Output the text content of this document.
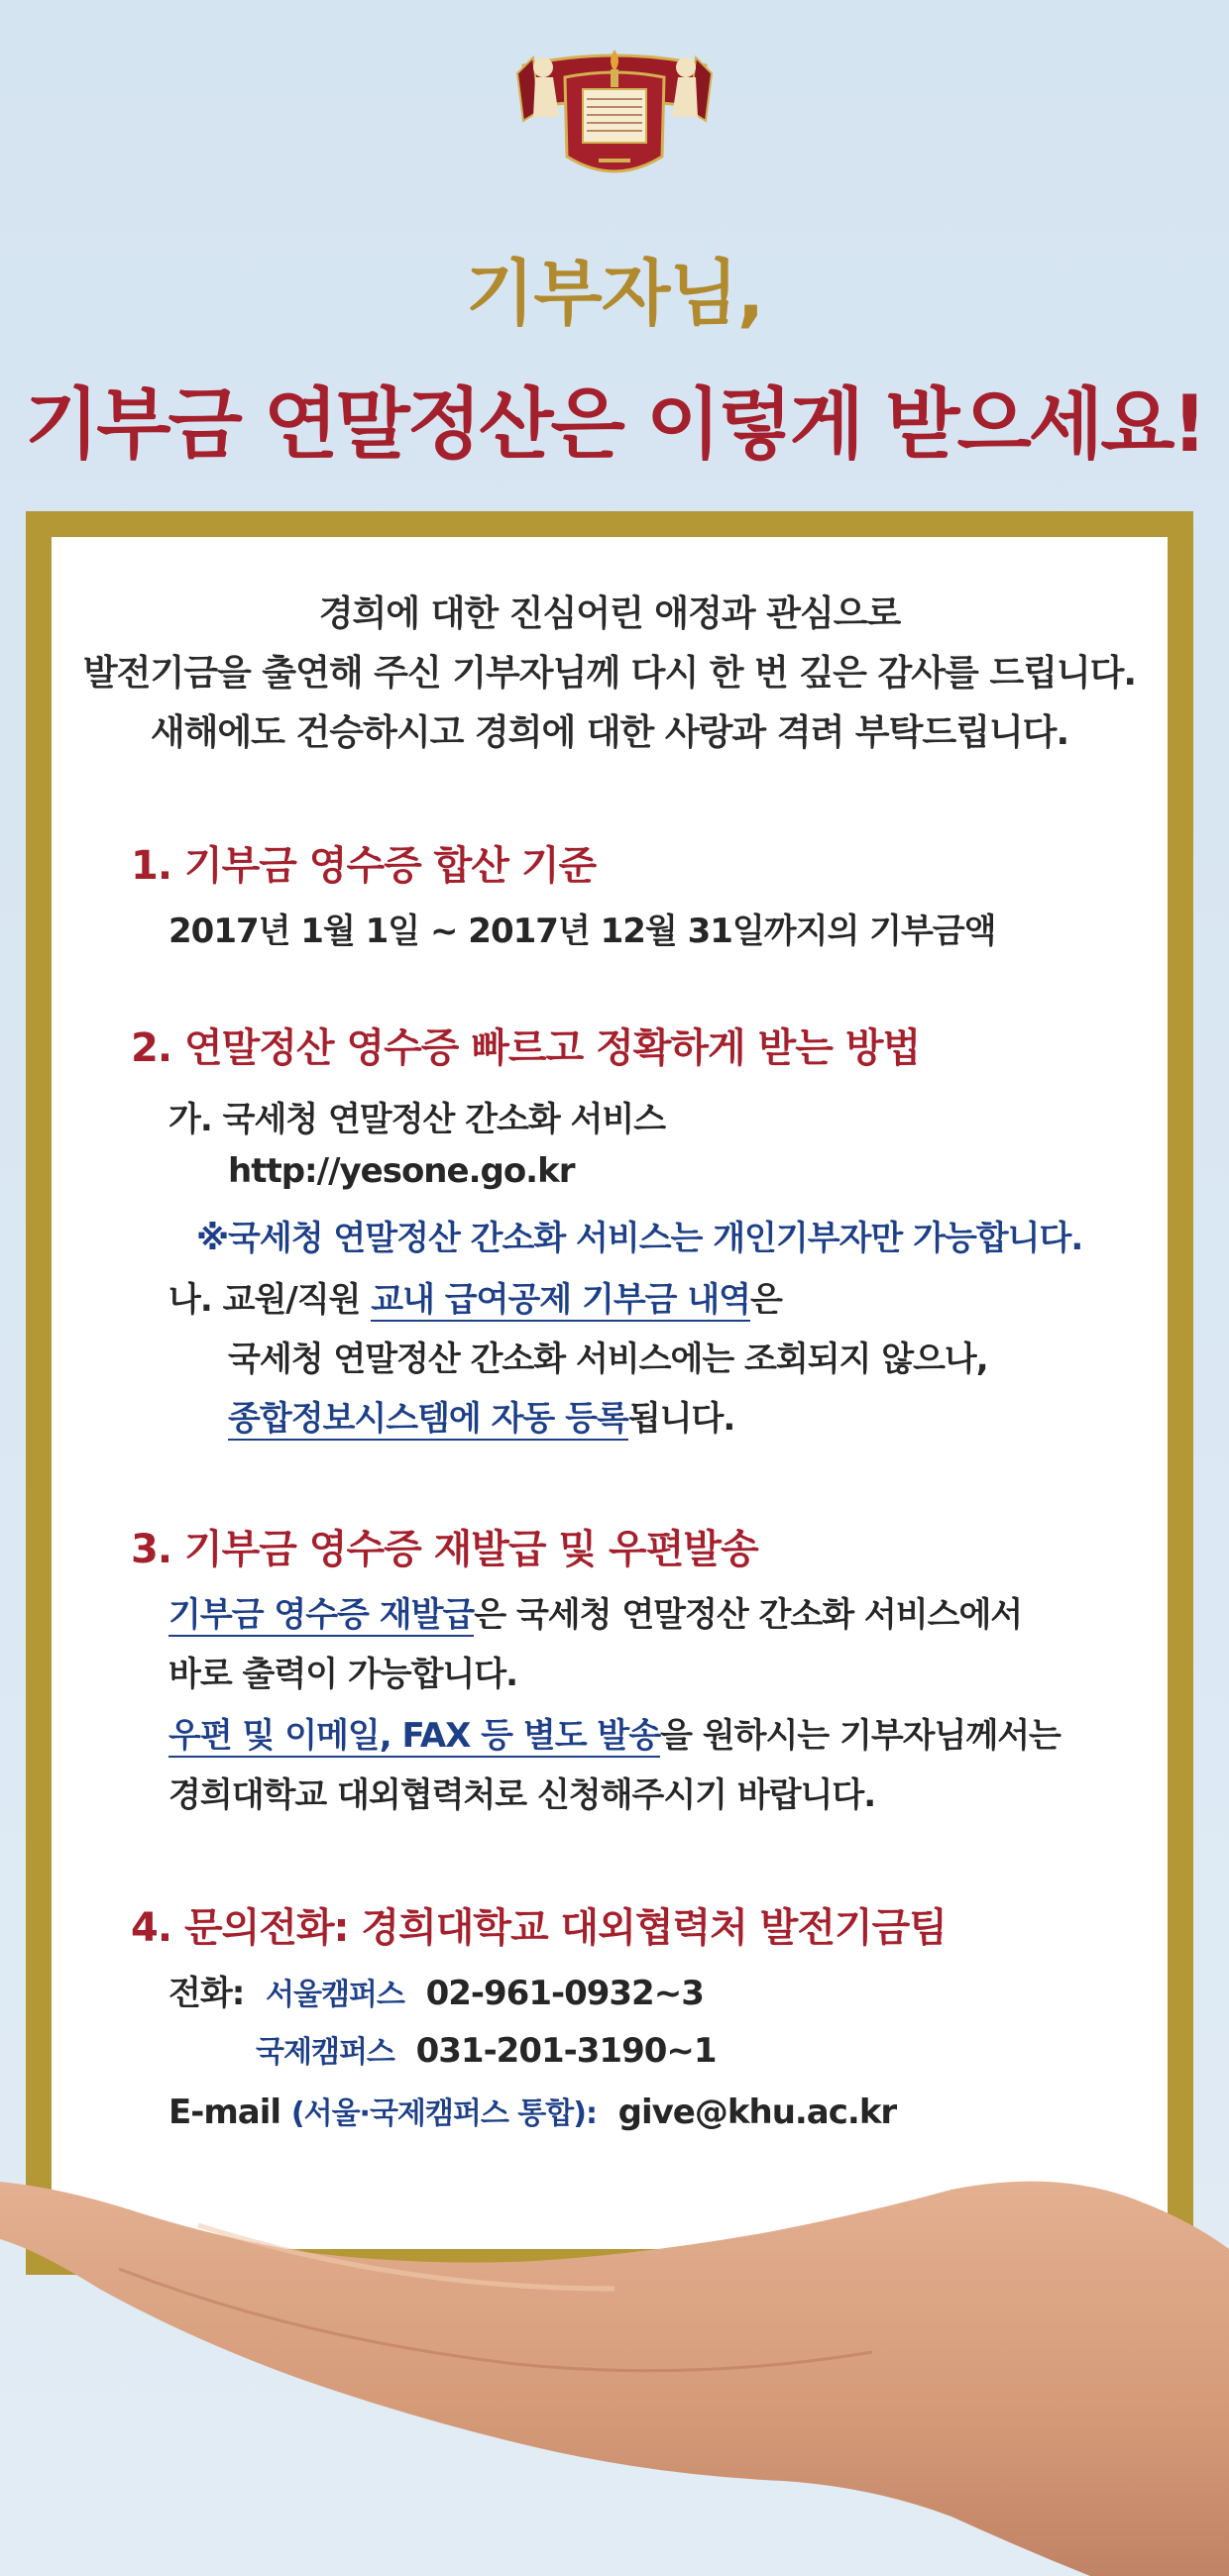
기부자님,
기부금 연말정산은 이렇게 받으세요!
경희에 대한 진심어린 애정과 관심으로
발전기금을 출연해 주신 기부자님께 다시 한 번 깊은 감사를 드립니다.
새해에도 건승하시고 경희에 대한 사랑과 격려 부탁드립니다.
1. 기부금 영수증 합산 기준
2017년 1월 1일 ~ 2017년 12월 31일까지의 기부금액
2. 연말정산 영수증 빠르고 정확하게 받는 방법
가. 국세청 연말정산 간소화 서비스
http://yesone.go.kr
※국세청 연말정산 간소화 서비스는 개인기부자만 가능합니다.
나. 교원/직원 교내 급여공제 기부금 내역은
국세청 연말정산 간소화 서비스에는 조회되지 않으나,
종합정보시스템에 자동 등록됩니다.
3. 기부금 영수증 재발급 및 우편발송
기부금 영수증 재발급은 국세청 연말정산 간소화 서비스에서
바로 출력이 가능합니다.
우편 및 이메일, FAX 등 별도 발송을 원하시는 기부자님께서는
경희대학교 대외협력처로 신청해주시기 바랍니다.
4. 문의전화: 경희대학교 대외협력처 발전기금팀
전화: 서울캠퍼스 02-961-0932~3
국제캠퍼스 031-201-3190~1
E-mail (서울·국제캠퍼스 통합): give@khu.ac.kr
